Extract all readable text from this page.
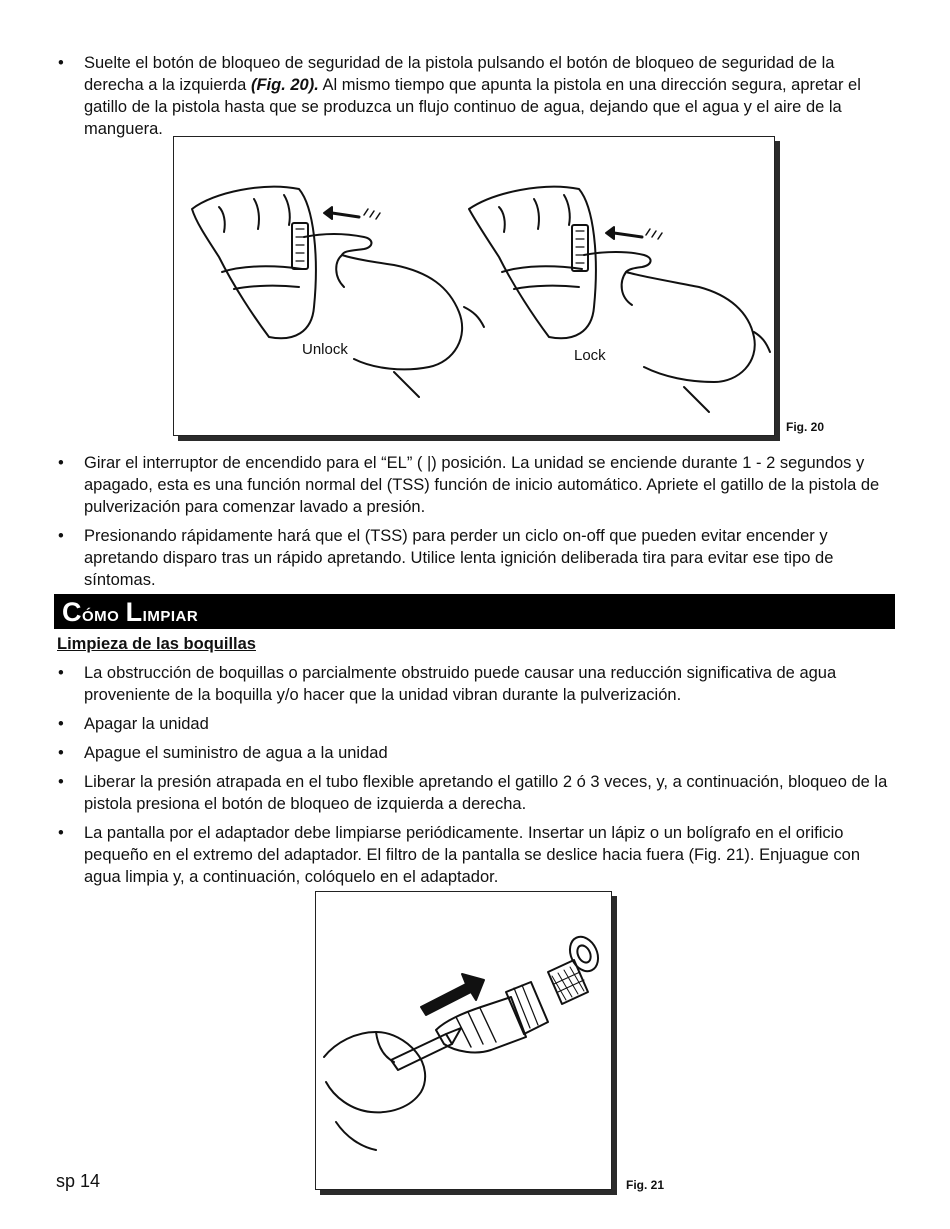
• Suelte el botón de bloqueo de seguridad de la pistola pulsando el botón de bloqueo de seguridad de la derecha a la izquierda (Fig. 20). Al mismo tiempo que apunta la pistola en una dirección segura, apretar el gatillo de la pistola hasta que se produzca un flujo continuo de agua, dejando que el agua y el aire de la manguera.
Unlock	Lock
Fig. 20
• Girar el interruptor de encendido para el “EL” ( |) posición. La unidad se enciende durante 1 - 2 segundos y apagado, esta es una función normal del (TSS) función de inicio automático. Apriete el gatillo de la pistola de pulverización para comenzar lavado a presión.
• Presionando rápidamente hará que el (TSS) para perder un ciclo on-off que pueden evitar encender y apretando disparo tras un rápido apretando. Utilice lenta ignición deliberada tira para evitar ese tipo de síntomas.
Cómo Limpiar
Limpieza de las boquillas
• La obstrucción de boquillas o parcialmente obstruido puede causar una reducción significativa de agua proveniente de la boquilla y/o hacer que la unidad vibran durante la pulverización.
• Apagar la unidad
• Apague el suministro de agua a la unidad
• Liberar la presión atrapada en el tubo flexible apretando el gatillo 2 ó 3 veces, y, a continuación, bloqueo de la pistola presiona el botón de bloqueo de izquierda a derecha.
• La pantalla por el adaptador debe limpiarse periódicamente. Insertar un lápiz o un bolígrafo en el orificio pequeño en el extremo del adaptador. El filtro de la pantalla se deslice hacia fuera (Fig. 21). Enjuague con agua limpia y, a continuación, colóquelo en el adaptador.
Fig. 21
sp 14
